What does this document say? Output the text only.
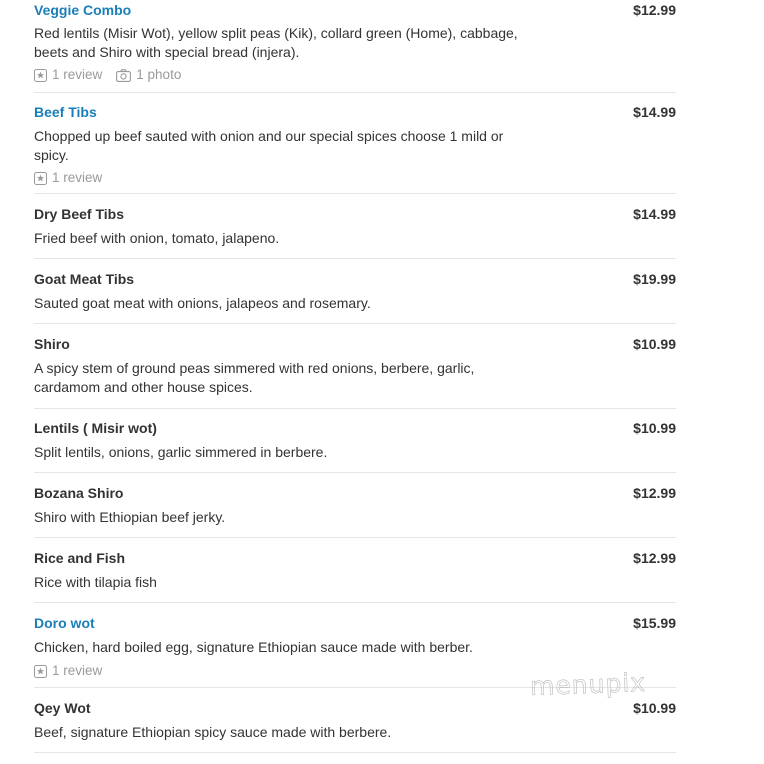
Veggie Combo	$12.99
Red lentils (Misir Wot), yellow split peas (Kik), collard green (Home), cabbage, beets and Shiro with special bread (injera).
1 review	1 photo
Beef Tibs	$14.99
Chopped up beef sauted with onion and our special spices choose 1 mild or spicy.
1 review
Dry Beef Tibs	$14.99
Fried beef with onion, tomato, jalapeno.
Goat Meat Tibs	$19.99
Sauted goat meat with onions, jalapeos and rosemary.
Shiro	$10.99
A spicy stem of ground peas simmered with red onions, berbere, garlic, cardamom and other house spices.
Lentils ( Misir wot)	$10.99
Split lentils, onions, garlic simmered in berbere.
Bozana Shiro	$12.99
Shiro with Ethiopian beef jerky.
Rice and Fish	$12.99
Rice with tilapia fish
Doro wot	$15.99
Chicken, hard boiled egg, signature Ethiopian sauce made with berber.
1 review
Qey Wot	$10.99
Beef, signature Ethiopian spicy sauce made with berbere.
menupix
